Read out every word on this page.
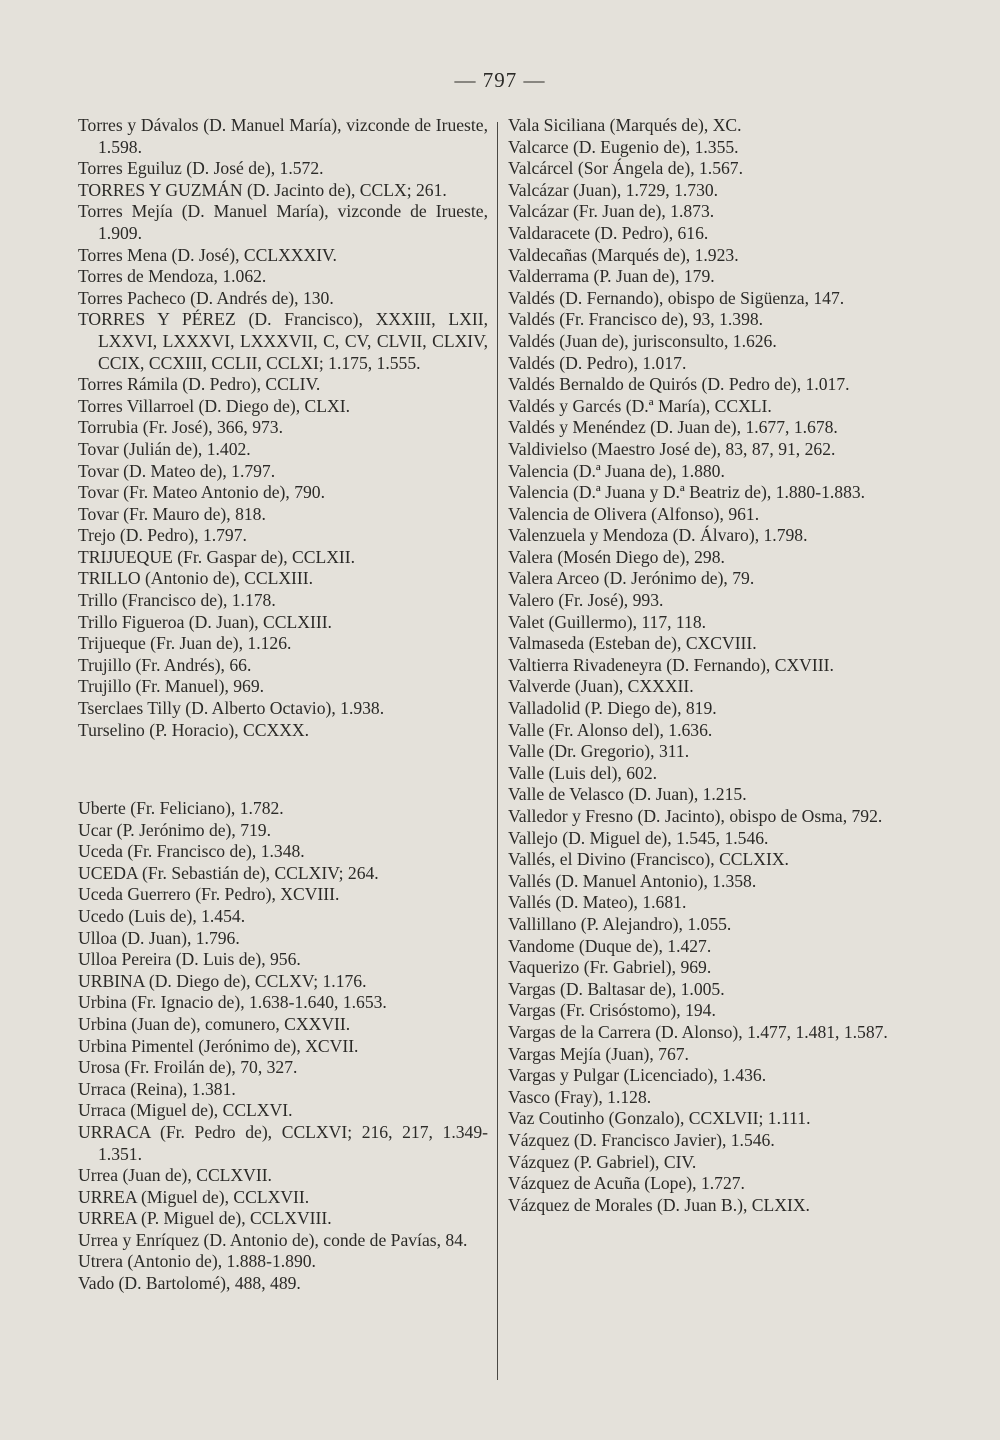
— 797 —

Torres y Dávalos (D. Manuel María), vizconde de Irueste, 1.598.

Torres Eguiluz (D. José de), 1.572.

TORRES Y GUZMÁN (D. Jacinto de), CCLX; 261.

Torres Mejía (D. Manuel María), vizconde de Irueste, 1.909.

Torres Mena (D. José), CCLXXXIV.

Torres de Mendoza, 1.062.

Torres Pacheco (D. Andrés de), 130.

TORRES Y PÉREZ (D. Francisco), XXXIII, LXII, LXXVI, LXXXVI, LXXXVII, C, CV, CLVII, CLXIV, CCIX, CCXIII, CCLII, CCLXI; 1.175, 1.555.

Torres Rámila (D. Pedro), CCLIV.

Torres Villarroel (D. Diego de), CLXI.

Torrubia (Fr. José), 366, 973.

Tovar (Julián de), 1.402.

Tovar (D. Mateo de), 1.797.

Tovar (Fr. Mateo Antonio de), 790.

Tovar (Fr. Mauro de), 818.

Trejo (D. Pedro), 1.797.

TRIJUEQUE (Fr. Gaspar de), CCLXII.

TRILLO (Antonio de), CCLXIII.

Trillo (Francisco de), 1.178.

Trillo Figueroa (D. Juan), CCLXIII.

Trijueque (Fr. Juan de), 1.126.

Trujillo (Fr. Andrés), 66.

Trujillo (Fr. Manuel), 969.

Tserclaes Tilly (D. Alberto Octavio), 1.938.

Turselino (P. Horacio), CCXXX.

Uberte (Fr. Feliciano), 1.782.

Ucar (P. Jerónimo de), 719.

Uceda (Fr. Francisco de), 1.348.

UCEDA (Fr. Sebastián de), CCLXIV; 264.

Uceda Guerrero (Fr. Pedro), XCVIII.

Ucedo (Luis de), 1.454.

Ulloa (D. Juan), 1.796.

Ulloa Pereira (D. Luis de), 956.

URBINA (D. Diego de), CCLXV; 1.176.

Urbina (Fr. Ignacio de), 1.638-1.640, 1.653.

Urbina (Juan de), comunero, CXXVII.

Urbina Pimentel (Jerónimo de), XCVII.

Urosa (Fr. Froilán de), 70, 327.

Urraca (Reina), 1.381.

Urraca (Miguel de), CCLXVI.

URRACA (Fr. Pedro de), CCLXVI; 216, 217, 1.349-1.351.

Urrea (Juan de), CCLXVII.

URREA (Miguel de), CCLXVII.

URREA (P. Miguel de), CCLXVIII.

Urrea y Enríquez (D. Antonio de), conde de Pavías, 84.

Utrera (Antonio de), 1.888-1.890.

Vado (D. Bartolomé), 488, 489.

Vala Siciliana (Marqués de), XC.

Valcarce (D. Eugenio de), 1.355.

Valcárcel (Sor Ángela de), 1.567.

Valcázar (Juan), 1.729, 1.730.

Valcázar (Fr. Juan de), 1.873.

Valdaracete (D. Pedro), 616.

Valdecañas (Marqués de), 1.923.

Valderrama (P. Juan de), 179.

Valdés (D. Fernando), obispo de Sigüenza, 147.

Valdés (Fr. Francisco de), 93, 1.398.

Valdés (Juan de), jurisconsulto, 1.626.

Valdés (D. Pedro), 1.017.

Valdés Bernaldo de Quirós (D. Pedro de), 1.017.

Valdés y Garcés (D.ª María), CCXLI.

Valdés y Menéndez (D. Juan de), 1.677, 1.678.

Valdivielso (Maestro José de), 83, 87, 91, 262.

Valencia (D.ª Juana de), 1.880.

Valencia (D.ª Juana y D.ª Beatriz de), 1.880-1.883.

Valencia de Olivera (Alfonso), 961.

Valenzuela y Mendoza (D. Álvaro), 1.798.

Valera (Mosén Diego de), 298.

Valera Arceo (D. Jerónimo de), 79.

Valero (Fr. José), 993.

Valet (Guillermo), 117, 118.

Valmaseda (Esteban de), CXCVIII.

Valtierra Rivadeneyra (D. Fernando), CXVIII.

Valverde (Juan), CXXXII.

Valladolid (P. Diego de), 819.

Valle (Fr. Alonso del), 1.636.

Valle (Dr. Gregorio), 311.

Valle (Luis del), 602.

Valle de Velasco (D. Juan), 1.215.

Valledor y Fresno (D. Jacinto), obispo de Osma, 792.

Vallejo (D. Miguel de), 1.545, 1.546.

Vallés, el Divino (Francisco), CCLXIX.

Vallés (D. Manuel Antonio), 1.358.

Vallés (D. Mateo), 1.681.

Vallillano (P. Alejandro), 1.055.

Vandome (Duque de), 1.427.

Vaquerizo (Fr. Gabriel), 969.

Vargas (D. Baltasar de), 1.005.

Vargas (Fr. Crisóstomo), 194.

Vargas de la Carrera (D. Alonso), 1.477, 1.481, 1.587.

Vargas Mejía (Juan), 767.

Vargas y Pulgar (Licenciado), 1.436.

Vasco (Fray), 1.128.

Vaz Coutinho (Gonzalo), CCXLVII; 1.111.

Vázquez (D. Francisco Javier), 1.546.

Vázquez (P. Gabriel), CIV.

Vázquez de Acuña (Lope), 1.727.

Vázquez de Morales (D. Juan B.), CLXIX.
